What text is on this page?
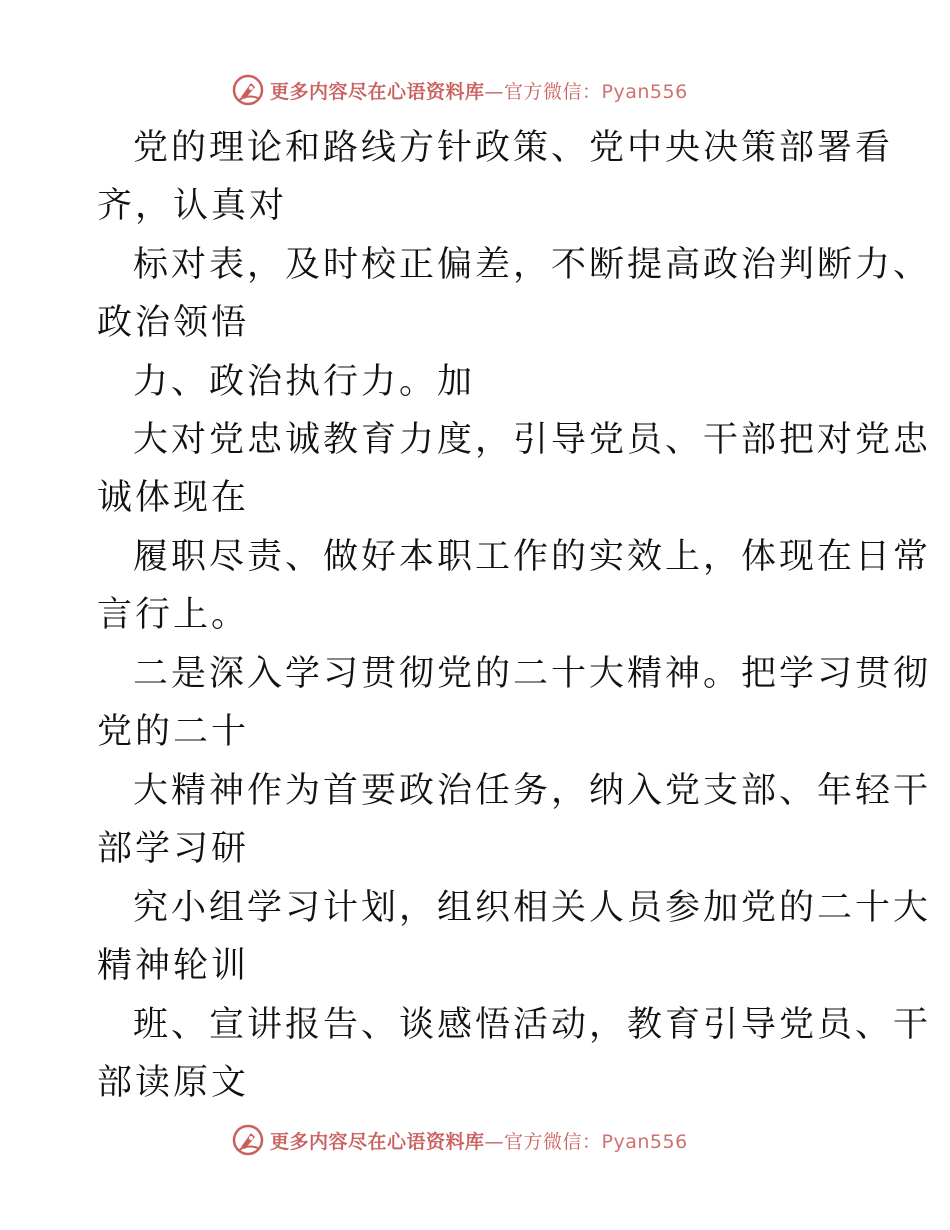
更多内容尽在心语资料库—官方微信：Pyan556
党的理论和路线方针政策、党中央决策部署看
齐，认真对
标对表，及时校正偏差，不断提高政治判断力、
政治领悟
力、政治执行力。加
大对党忠诚教育力度，引导党员、干部把对党忠
诚体现在
履职尽责、做好本职工作的实效上，体现在日常
言行上。
二是深入学习贯彻党的二十大精神。把学习贯彻
党的二十
大精神作为首要政治任务，纳入党支部、年轻干
部学习研
究小组学习计划，组织相关人员参加党的二十大
精神轮训
班、宣讲报告、谈感悟活动，教育引导党员、干
部读原文
更多内容尽在心语资料库—官方微信：Pyan556
